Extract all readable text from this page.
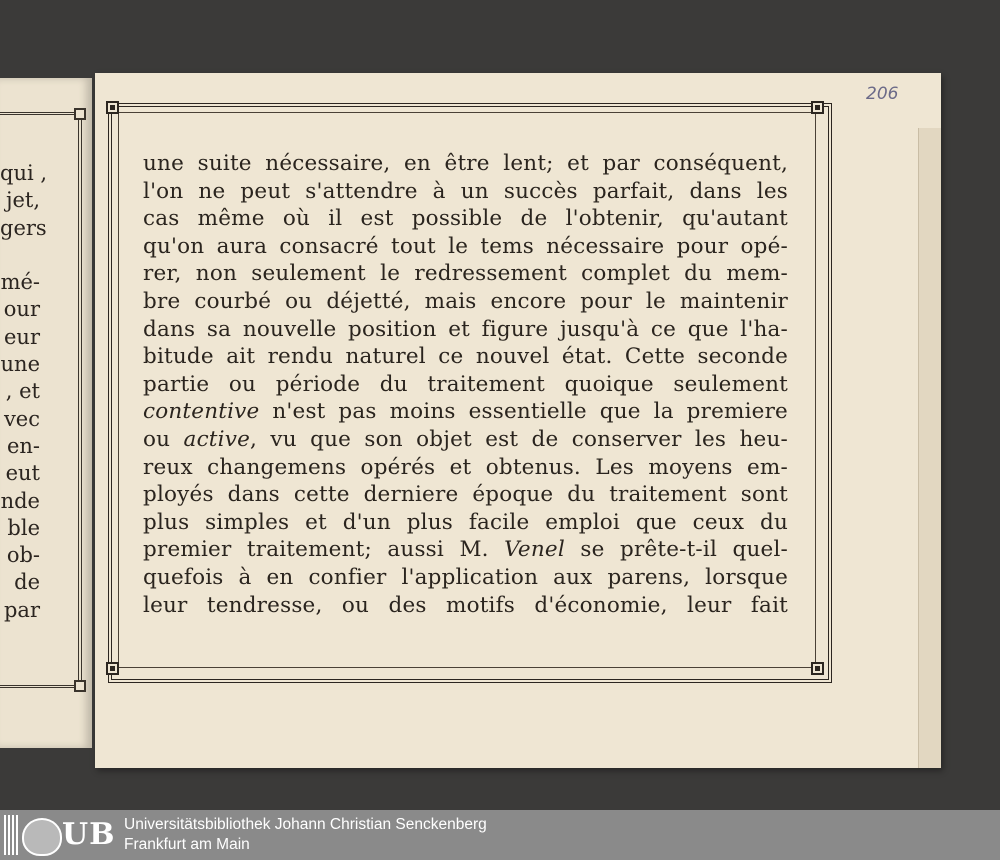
qui ,
jet,
gers

mé-
our
eur
une
, et
vec
en-
eut
nde
ble
ob-
de
par
206
une suite nécessaire, en être lent; et par conséquent,
l'on ne peut s'attendre à un succès parfait, dans les
cas même où il est possible de l'obtenir, qu'autant
qu'on aura consacré tout le tems nécessaire pour opé-
rer, non seulement le redressement complet du mem-
bre courbé ou déjetté, mais encore pour le maintenir
dans sa nouvelle position et figure jusqu'à ce que l'ha-
bitude ait rendu naturel ce nouvel état. Cette seconde
partie ou période du traitement quoique seulement
contentive n'est pas moins essentielle que la premiere
ou active, vu que son objet est de conserver les heu-
reux changemens opérés et obtenus. Les moyens em-
ployés dans cette derniere époque du traitement sont
plus simples et d'un plus facile emploi que ceux du
premier traitement; aussi M. Venel se prête-t-il quel-
quefois à en confier l'application aux parens, lorsque
leur tendresse, ou des motifs d'économie, leur fait
UB Universitätsbibliothek Johann Christian Senckenberg
Frankfurt am Main
